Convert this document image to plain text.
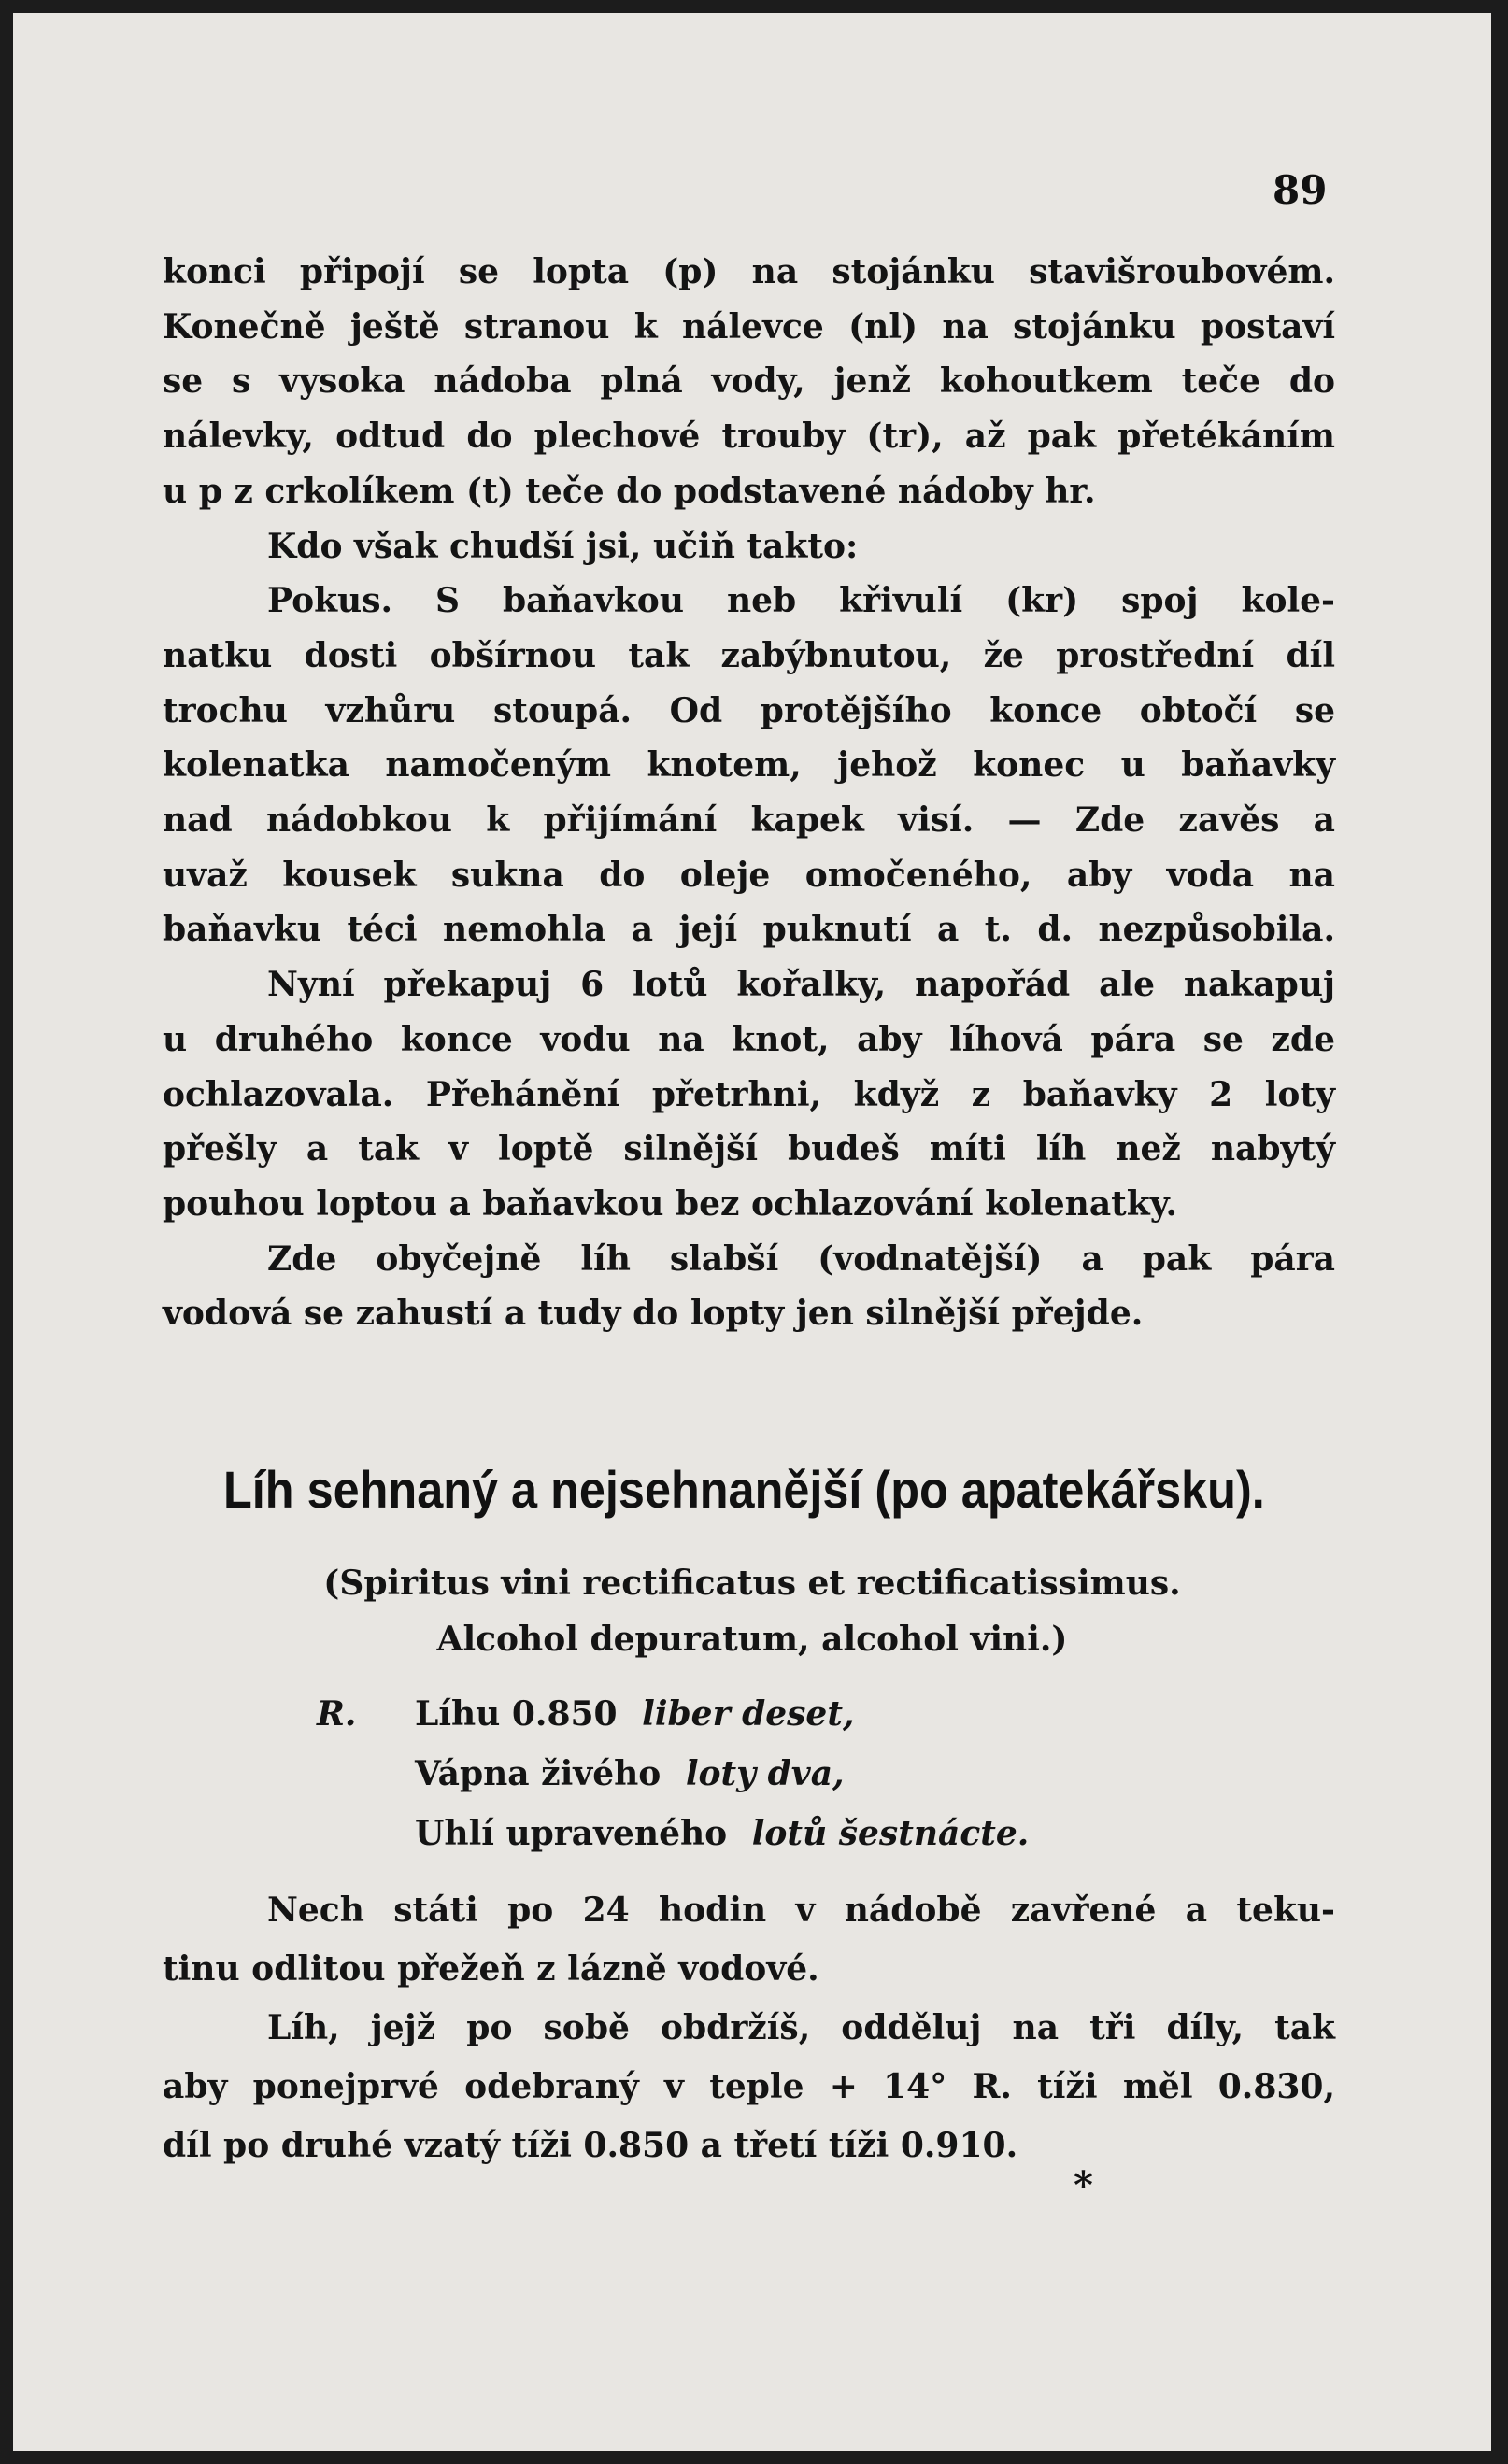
89
konci připojí se lopta (p) na stojánku stavišroubovém.
Konečně ještě stranou k nálevce (nl) na stojánku postaví
se s vysoka nádoba plná vody, jenž kohoutkem teče do
nálevky, odtud do plechové trouby (tr), až pak přetékáním
u p z crkolíkem (t) teče do podstavené nádoby hr.
Kdo však chudší jsi, učiň takto:
Pokus. S baňavkou neb křivulí (kr) spoj kole-
natku dosti obšírnou tak zabýbnutou, že prostřední díl
trochu vzhůru stoupá. Od protějšího konce obtočí se
kolenatka namočeným knotem, jehož konec u baňavky
nad nádobkou k přijímání kapek visí. — Zde zavěs a
uvaž kousek sukna do oleje omočeného, aby voda na
baňavku téci nemohla a její puknutí a t. d. nezpůsobila.
Nyní překapuj 6 lotů kořalky, napořád ale nakapuj
u druhého konce vodu na knot, aby líhová pára se zde
ochlazovala. Přehánění přetrhni, když z baňavky 2 loty
přešly a tak v loptě silnější budeš míti líh než nabytý
pouhou loptou a baňavkou bez ochlazování kolenatky.
Zde obyčejně líh slabší (vodnatější) a pak pára
vodová se zahustí a tudy do lopty jen silnější přejde.
Líh sehnaný a nejsehnanější (po apatekářsku).
(Spiritus vini rectificatus et rectificatissimus.
Alcohol depuratum, alcohol vini.)
R. Líhu 0.850 liber deset,
Vápna živého loty dva,
Uhlí upraveného lotů šestnácte.
Nech státi po 24 hodin v nádobě zavřené a teku-
tinu odlitou přežeň z lázně vodové.
Líh, jejž po sobě obdržíš, odděluj na tři díly, tak
aby ponejprvé odebraný v teple + 14° R. tíži měl 0.830,
díl po druhé vzatý tíži 0.850 a třetí tíži 0.910.
*
